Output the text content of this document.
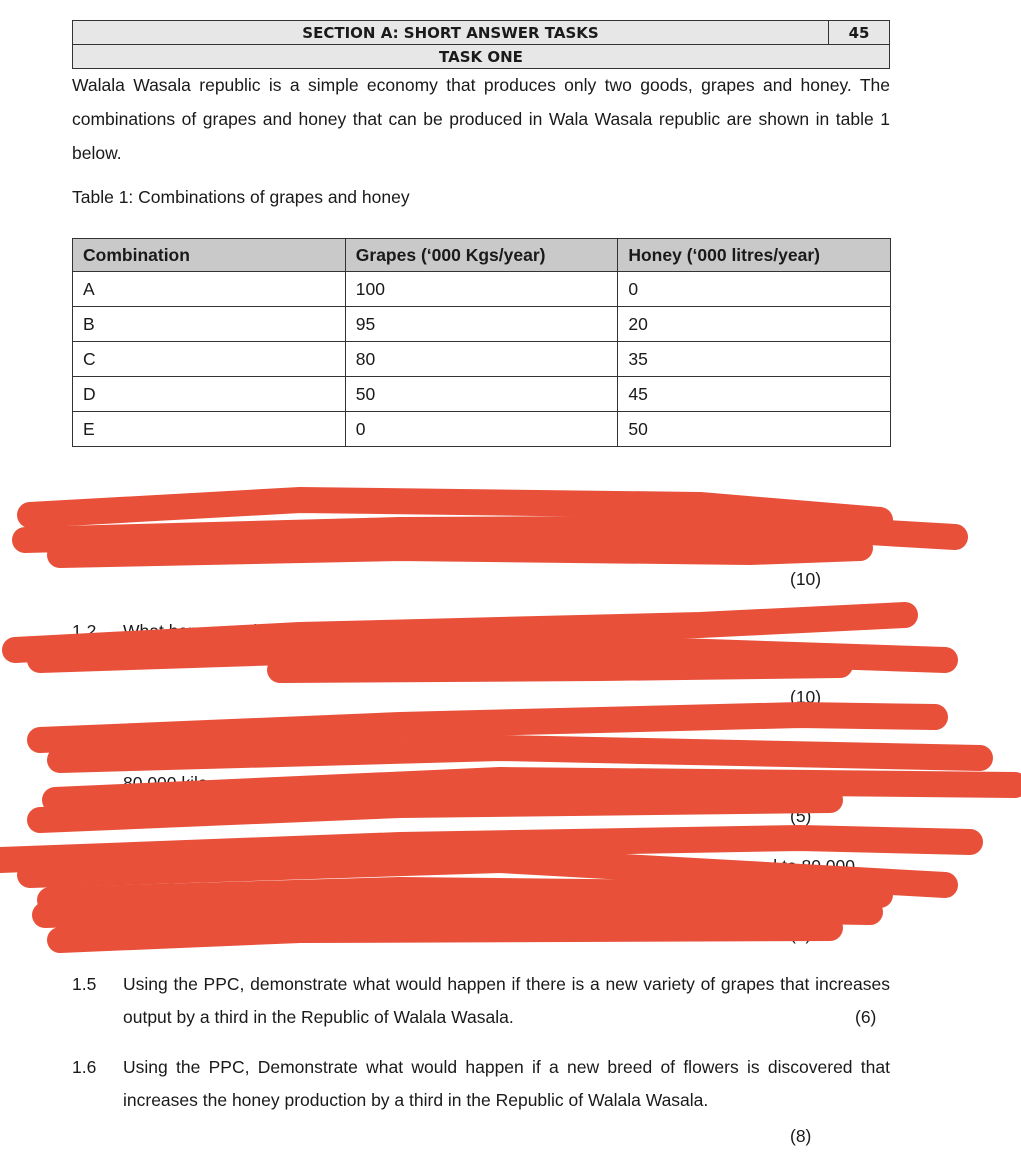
SECTION A: SHORT ANSWER TASKS	45
TASK ONE
Walala Wasala republic is a simple economy that produces only two goods, grapes and honey. The combinations of grapes and honey that can be produced in Wala Wasala republic are shown in table 1 below.
Table 1: Combinations of grapes and honey
Combination	Grapes (‘000 Kgs/year)	Honey (‘000 litres/year)
A	100	0
B	95	20
C	80	35
D	50	45
E	0	50
(10)
1.2 What happens when th
(10)
80 000 kilo
(5)
which correspond to 80 000
(6)
1.5 Using the PPC, demonstrate what would happen if there is a new variety of grapes that increases output by a third in the Republic of Walala Wasala.	(6)
1.6 Using the PPC, Demonstrate what would happen if a new breed of flowers is discovered that increases the honey production by a third in the Republic of Walala Wasala.
(8)
